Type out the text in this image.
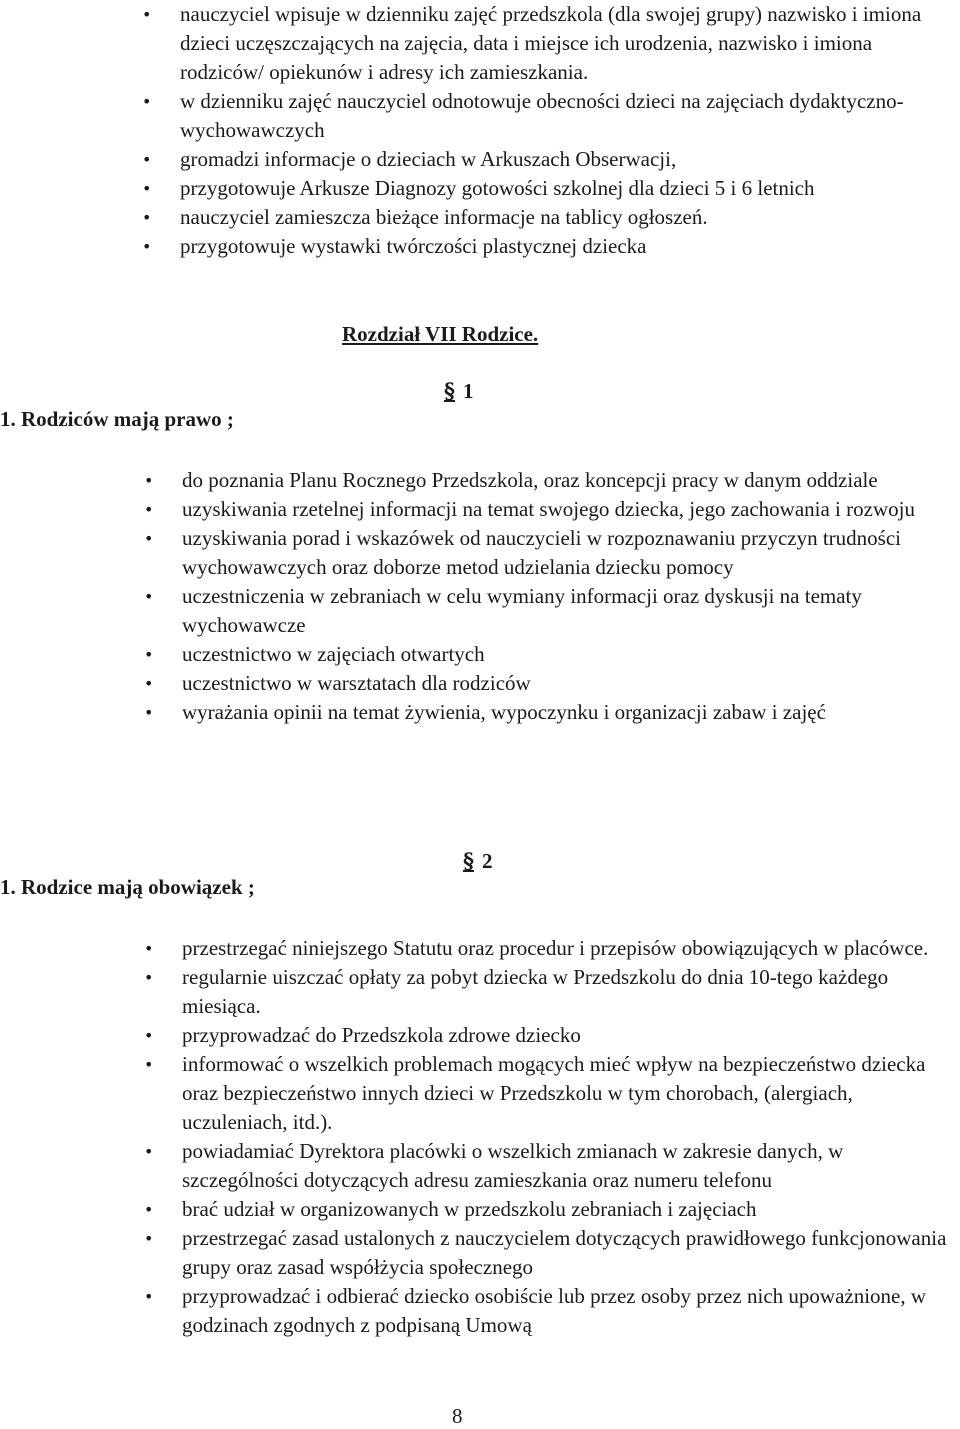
• nauczyciel wpisuje w dzienniku zajęć przedszkola (dla swojej grupy) nazwisko i imiona dzieci uczęszczających na zajęcia, data i miejsce ich urodzenia, nazwisko i imiona rodziców/ opiekunów i adresy ich zamieszkania.
• w dzienniku zajęć nauczyciel odnotowuje obecności dzieci na zajęciach dydaktyczno-wychowawczych
• gromadzi informacje o dzieciach w Arkuszach Obserwacji,
• przygotowuje Arkusze Diagnozy gotowości szkolnej dla dzieci 5 i 6 letnich
• nauczyciel zamieszcza bieżące informacje na tablicy ogłoszeń.
• przygotowuje wystawki twórczości plastycznej dziecka
Rozdział VII Rodzice.
§ 1
1. Rodziców mają prawo ;
• do poznania Planu Rocznego Przedszkola, oraz koncepcji pracy w danym oddziale
• uzyskiwania rzetelnej informacji na temat swojego dziecka, jego zachowania i rozwoju
• uzyskiwania porad i wskazówek od nauczycieli w rozpoznawaniu przyczyn trudności wychowawczych oraz doborze metod udzielania dziecku pomocy
• uczestniczenia w zebraniach w celu wymiany informacji oraz dyskusji na tematy wychowawcze
• uczestnictwo w zajęciach otwartych
• uczestnictwo w warsztatach dla rodziców
• wyrażania opinii na temat żywienia, wypoczynku i organizacji zabaw i zajęć
§ 2
1. Rodzice mają obowiązek ;
• przestrzegać niniejszego Statutu oraz procedur i przepisów obowiązujących w placówce.
• regularnie uiszczać opłaty za pobyt dziecka w Przedszkolu do dnia 10-tego każdego miesiąca.
• przyprowadzać do Przedszkola zdrowe dziecko
• informować o wszelkich problemach mogących mieć wpływ na bezpieczeństwo dziecka oraz bezpieczeństwo innych dzieci w Przedszkolu w tym chorobach, (alergiach, uczuleniach, itd.).
• powiadamiać Dyrektora placówki o wszelkich zmianach w zakresie danych, w szczególności dotyczących adresu zamieszkania oraz numeru telefonu
• brać udział w organizowanych w przedszkolu zebraniach i zajęciach
• przestrzegać zasad ustalonych z nauczycielem dotyczących prawidłowego funkcjonowania grupy oraz zasad współżycia społecznego
• przyprowadzać i odbierać dziecko osobiście lub przez osoby przez nich upoważnione, w godzinach zgodnych z podpisaną Umową
8
